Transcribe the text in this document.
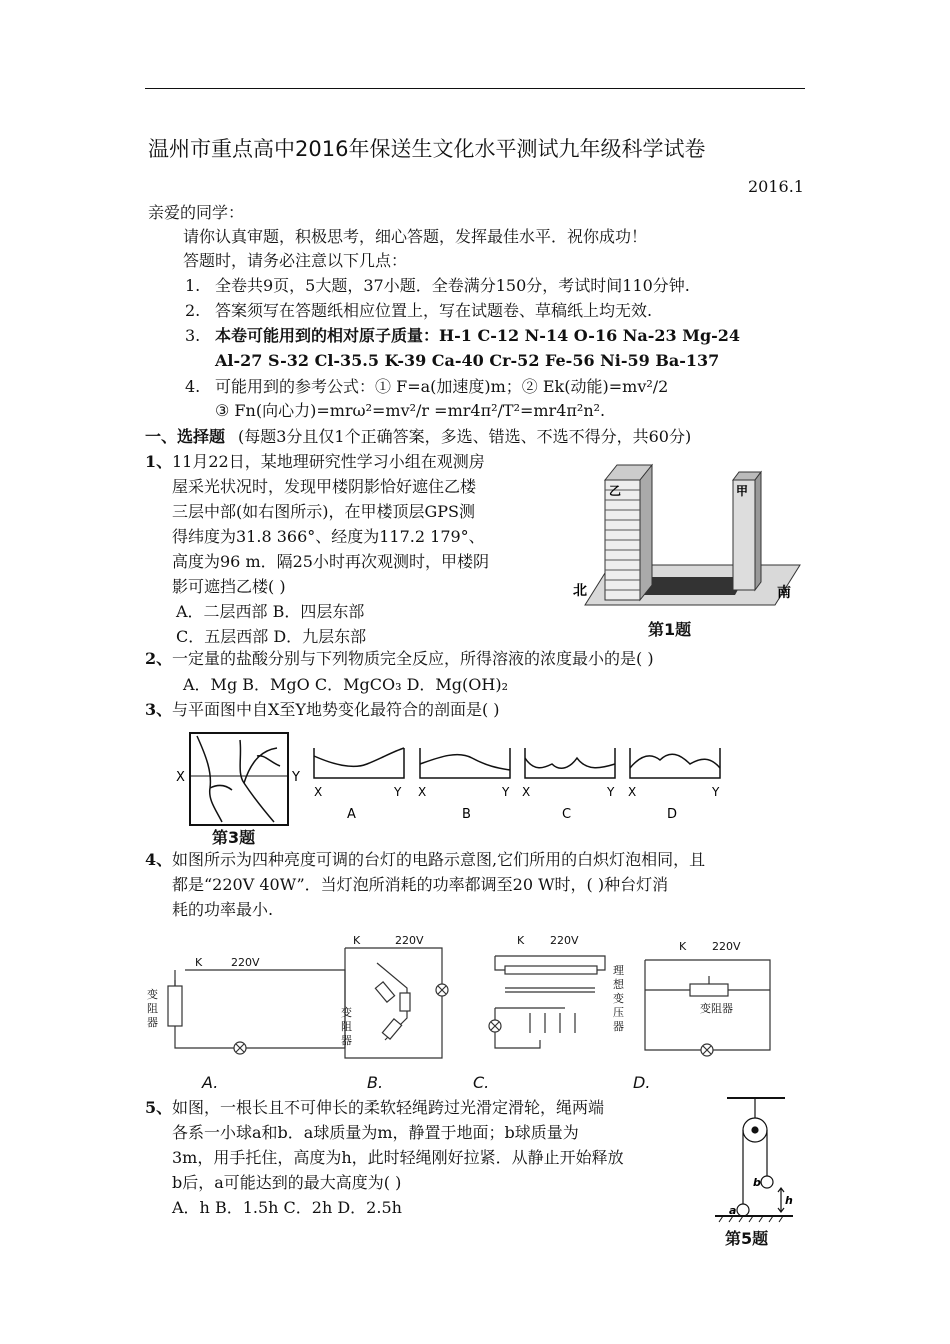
温州市重点高中2016年保送生文化水平测试九年级科学试卷
2016.1
亲爱的同学：
请你认真审题，积极思考，细心答题，发挥最佳水平．祝你成功！
答题时，请务必注意以下几点：
1. 全卷共9页，5大题，37小题．全卷满分150分，考试时间110分钟.
2. 答案须写在答题纸相应位置上，写在试题卷、草稿纸上均无效.
3. 本卷可能用到的相对原子质量：H-1 C-12 N-14 O-16 Na-23 Mg-24
Al-27 S-32 Cl-35.5 K-39 Ca-40 Cr-52 Fe-56 Ni-59 Ba-137
4. 可能用到的参考公式：① F=a(加速度)m；② Ek(动能)=mv²/2
③ Fn(向心力)=mrω²=mv²/r =mr4π²/T²=mr4π²n².
一、选择题 (每题3分且仅1个正确答案，多选、错选、不选不得分，共60分)
1、 11月22日，某地理研究性学习小组在观测房
屋采光状况时，发现甲楼阴影恰好遮住乙楼
三层中部(如右图所示)，在甲楼顶层GPS测
得纬度为31.8 366°、经度为117.2 179°、
高度为96 m．隔25小时再次观测时，甲楼阴
影可遮挡乙楼( )
A．二层西部 B．四层东部
C．五层西部 D．九层东部
乙	甲
北	南
第1题
2、 一定量的盐酸分别与下列物质完全反应，所得溶液的浓度最小的是( )
A．Mg B．MgO C．MgCO₃ D．Mg(OH)₂
3、 与平面图中自X至Y地势变化最符合的剖面是( )
X	Y
X	Y X	Y X	Y X	Y
A	B	C	D
第3题
4、 如图所示为四种亮度可调的台灯的电路示意图,它们所用的白炽灯泡相同，且
都是“220V 40W”．当灯泡所消耗的功率都调至20 W时，( )种台灯消
耗的功率最小.
K	220V
K	220V	K 220V	K 220V
变阻器
变
阻
器
变
阻
器
理
想
变
压
器
A.	B.	C.	D.
5、 如图，一根长且不可伸长的柔软轻绳跨过光滑定滑轮，绳两端
各系一小球a和b．a球质量为m，静置于地面；b球质量为
3m，用手托住，高度为h，此时轻绳刚好拉紧．从静止开始释放
b后，a可能达到的最大高度为( )
A．h B．1.5h C．2h D．2.5h	a
b
h
第5题
